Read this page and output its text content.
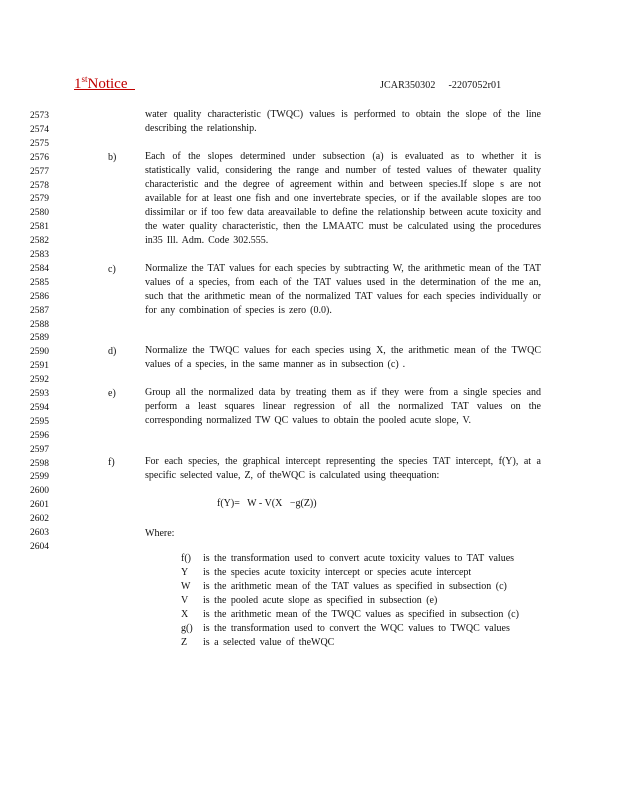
1stNotice	JCAR350302     -2207052r01
2573
2574
2575
2576
2577
2578
2579
2580
2581
2582
2583
2584
2585
2586
2587
2588
2589
2590
2591
2592
2593
2594
2595
2596
2597
2598
2599
2600
2601
2602
2603
2604

water quality characteristic (TWQC) values is performed to obtain the slope of the line describing the relationship.

b)	Each of the slopes determined under subsection (a) is evaluated as to whether it is statistically valid, considering the range and number of tested values of thewater quality characteristic and the degree of agreement within and between species.If slope s are not available for at least one fish and one invertebrate species, or if the available slopes are too dissimilar or if too few data areavailable to define the relationship between acute toxicity and the water quality characteristic, then the LMAATC must be calculated using the procedures in35 Ill. Adm. Code 302.555.

c)	Normalize the TAT values for each species by subtracting W, the arithmetic mean of the TAT values of a species, from each of the TAT values used in the determination of the me an, such that the arithmetic mean of the normalized TAT values for each species individually or for any combination of species is zero (0.0).

d)	Normalize the TWQC values for each species using X, the arithmetic mean of the TWQC values of a species, in the same manner as in subsection (c) .

e)	Group all the normalized data by treating them as if they were from a single species and perform a least squares linear regression of all the normalized TAT values on the corresponding normalized TW QC values to obtain the pooled acute slope, V.

f)	For each species, the graphical intercept representing the species TAT intercept, f(Y), at a specific selected value, Z, of theWQC is calculated using theequation:

f(Y)=   W - V(X   −g(Z))
Where:
f()	is the transformation used to convert acute toxicity values to TAT values
Y	is the species acute toxicity intercept or species acute intercept
W	is the arithmetic mean of the TAT values as specified in subsection (c)
V	is the pooled acute slope as specified in subsection (e)
X	is the arithmetic mean of the TWQC values as specified in subsection (c)
g()	is the transformation used to convert the WQC values to TWQC values
Z	is a selected value of theWQC
